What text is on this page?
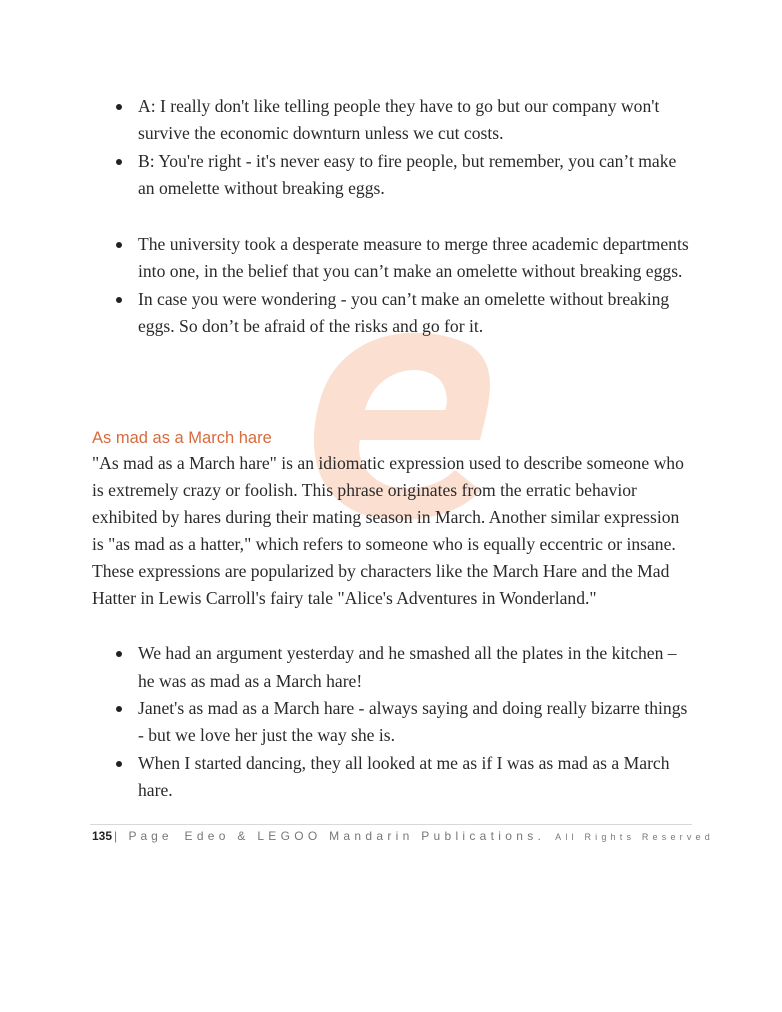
A: I really don't like telling people they have to go but our company won't survive the economic downturn unless we cut costs.
B: You're right - it's never easy to fire people, but remember, you can’t make an omelette without breaking eggs.
The university took a desperate measure to merge three academic departments into one, in the belief that you can’t make an omelette without breaking eggs.
In case you were wondering - you can’t make an omelette without breaking eggs. So don’t be afraid of the risks and go for it.
As mad as a March hare
"As mad as a March hare" is an idiomatic expression used to describe someone who is extremely crazy or foolish. This phrase originates from the erratic behavior exhibited by hares during their mating season in March. Another similar expression is "as mad as a hatter," which refers to someone who is equally eccentric or insane. These expressions are popularized by characters like the March Hare and the Mad Hatter in Lewis Carroll's fairy tale "Alice's Adventures in Wonderland."
We had an argument yesterday and he smashed all the plates in the kitchen – he was as mad as a March hare!
Janet's as mad as a March hare - always saying and doing really bizarre things - but we love her just the way she is.
When I started dancing, they all looked at me as if I was as mad as a March hare.
135 | Page Edeo & LEGOO Mandarin Publications. All Rights Reserved
